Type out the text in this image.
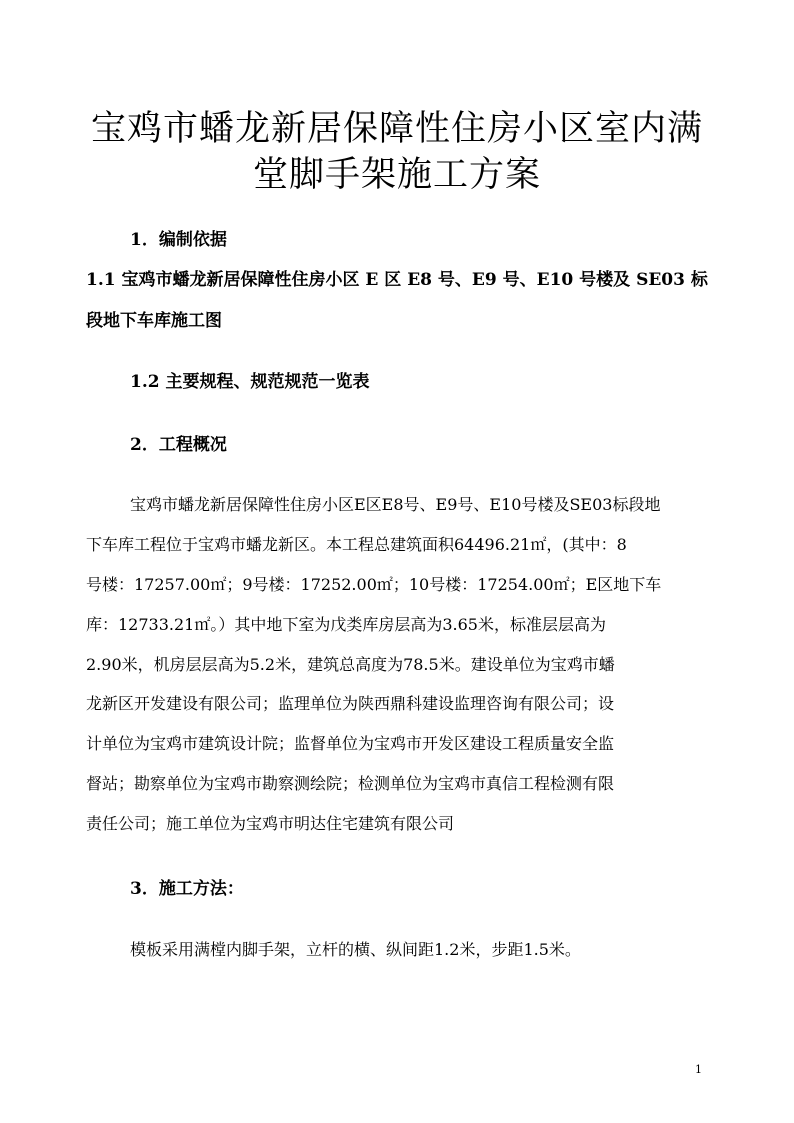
宝鸡市蟠龙新居保障性住房小区室内满
堂脚手架施工方案
1．编制依据
1.1 宝鸡市蟠龙新居保障性住房小区 E 区 E8 号、E9 号、E10 号楼及 SE03 标
段地下车库施工图
1.2 主要规程、规范规范一览表
2．工程概况
宝鸡市蟠龙新居保障性住房小区E区E8号、E9号、E10号楼及SE03标段地
下车库工程位于宝鸡市蟠龙新区。本工程总建筑面积64496.21㎡，(其中：8
号楼：17257.00㎡；9号楼：17252.00㎡；10号楼：17254.00㎡；E区地下车
库：12733.21㎡。）其中地下室为戊类库房层高为3.65米，标准层层高为
2.90米，机房层层高为5.2米，建筑总高度为78.5米。建设单位为宝鸡市蟠
龙新区开发建设有限公司；监理单位为陕西鼎科建设监理咨询有限公司；设
计单位为宝鸡市建筑设计院；监督单位为宝鸡市开发区建设工程质量安全监
督站；勘察单位为宝鸡市勘察测绘院；检测单位为宝鸡市真信工程检测有限
责任公司；施工单位为宝鸡市明达住宅建筑有限公司
3．施工方法：
模板采用满樘内脚手架，立杆的横、纵间距1.2米，步距1.5米。
1
